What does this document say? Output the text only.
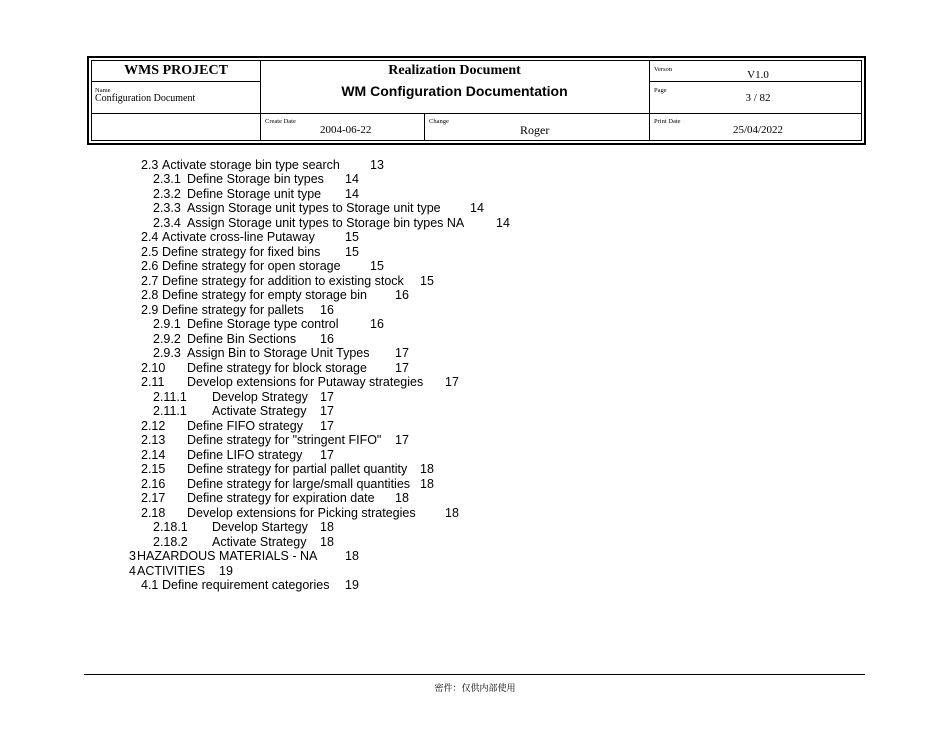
WMS PROJECT	Realization Document
WM Configuration Documentation
Verson	V1.0
Name
Configuration Document
Page
3 / 82
Create Date
2004-06-22
Change
Roger
Print Date
25/04/2022
2.3 Activate storage bin type search 13
2.3.1 Define Storage bin types 14
2.3.2 Define Storage unit type 14
2.3.3 Assign Storage unit types to Storage unit type 14
2.3.4 Assign Storage unit types to Storage bin types NA	14
2.4 Activate cross-line Putaway 15
2.5 Define strategy for fixed bins 15
2.6 Define strategy for open storage 15
2.7 Define strategy for addition to existing stock 15
2.8 Define strategy for empty storage bin 16
2.9 Define strategy for pallets 16
2.9.1 Define Storage type control	16
2.9.2 Define Bin Sections 16
2.9.3 Assign Bin to Storage Unit Types 17
2.10 Define strategy for block storage 17
2.11 Develop extensions for Putaway strategies 17
2.11.1 Develop Strategy 17
2.11.1 Activate Strategy 17
2.12 Define FIFO strategy 17
2.13 Define strategy for "stringent FIFO" 17
2.14 Define LIFO strategy 17
2.15 Define strategy for partial pallet quantity 18
2.16 Define strategy for large/small quantities 18
2.17 Define strategy for expiration date 18
2.18 Develop extensions for Picking strategies 18
2.18.1 Develop Startegy 18
2.18.2 Activate Strategy 18
3 HAZARDOUS MATERIALS - NA 18
4 ACTIVITIES 19
4.1 Define requirement categories 19
密件：仅供内部使用
